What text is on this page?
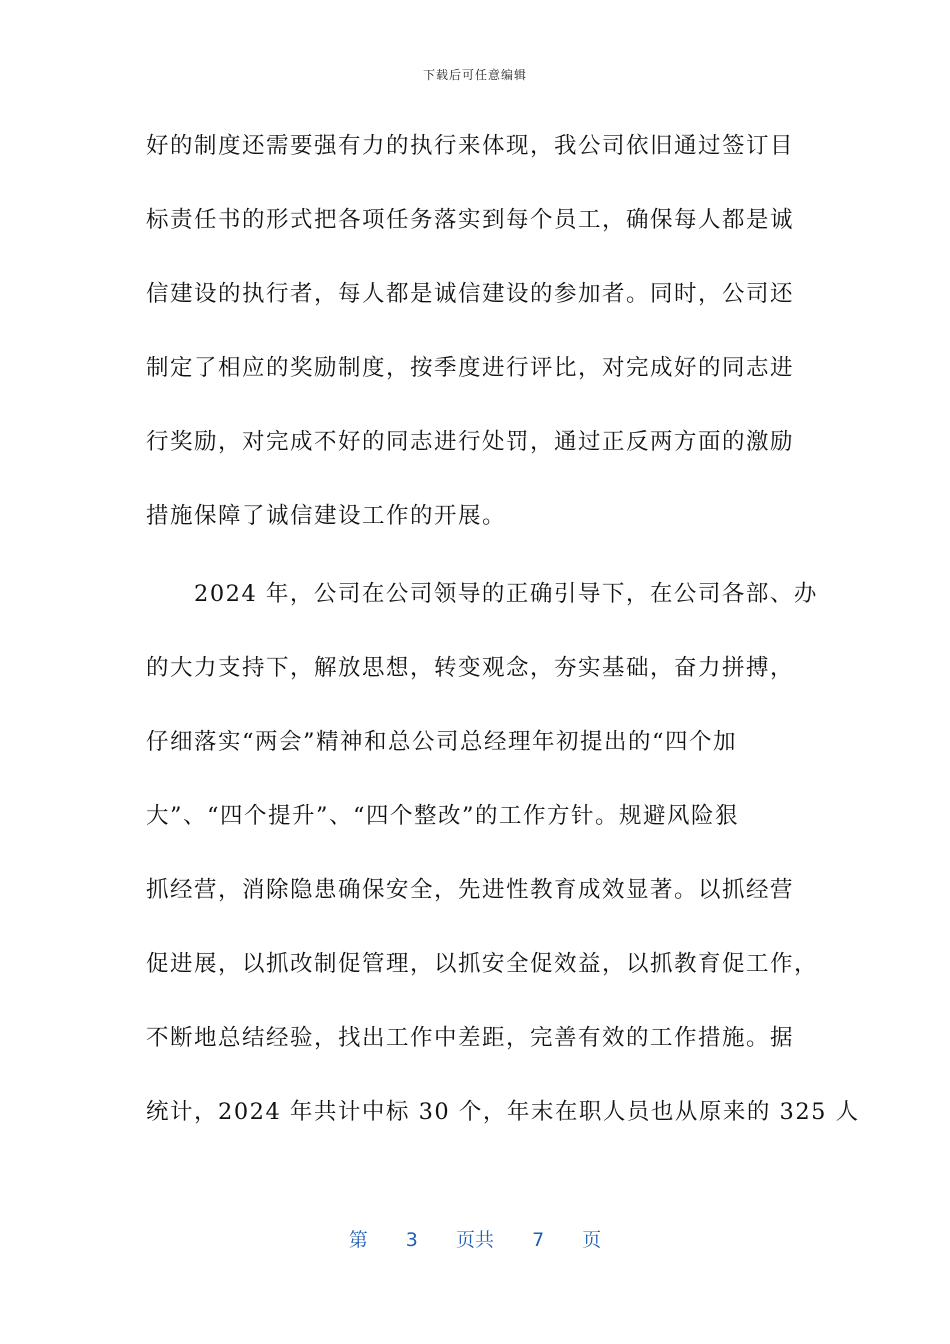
下载后可任意编辑
好的制度还需要强有力的执行来体现，我公司依旧通过签订目
标责任书的形式把各项任务落实到每个员工，确保每人都是诚
信建设的执行者，每人都是诚信建设的参加者。同时，公司还
制定了相应的奖励制度，按季度进行评比，对完成好的同志进
行奖励，对完成不好的同志进行处罚，通过正反两方面的激励
措施保障了诚信建设工作的开展。
　　2024 年，公司在公司领导的正确引导下，在公司各部、办
的大力支持下，解放思想，转变观念，夯实基础，奋力拼搏，
仔细落实“两会”精神和总公司总经理年初提出的“四个加
大”、“四个提升”、“四个整改”的工作方针。规避风险狠
抓经营，消除隐患确保安全，先进性教育成效显著。以抓经营
促进展，以抓改制促管理，以抓安全促效益，以抓教育促工作，
不断地总结经验，找出工作中差距，完善有效的工作措施。据
统计，2024 年共计中标 30 个，年末在职人员也从原来的 325 人
第 3 页共 7 页
